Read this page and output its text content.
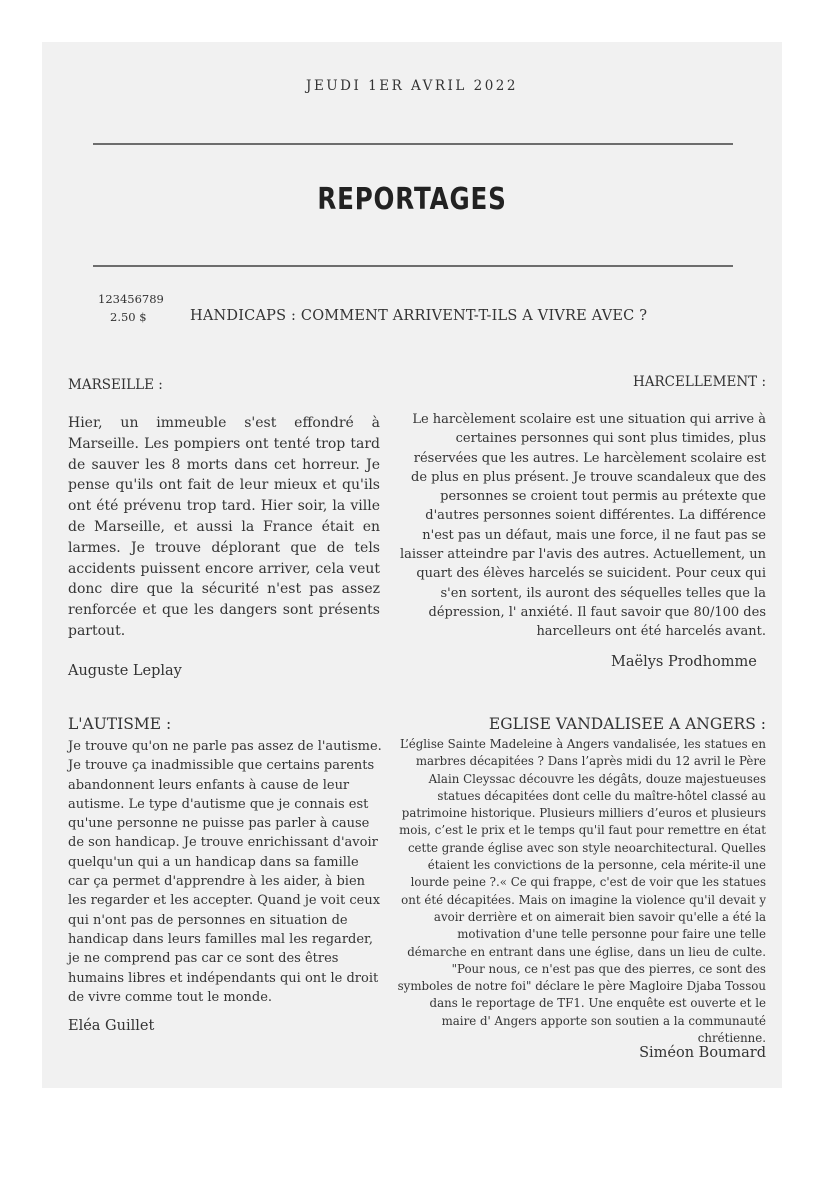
JEUDI 1ER AVRIL 2022
REPORTAGES
123456789
2.50 $	HANDICAPS : COMMENT ARRIVENT-T-ILS A VIVRE AVEC ?
MARSEILLE :

Hier, un immeuble s'est effondré à Marseille. Les pompiers ont tenté trop tard de sauver les 8 morts dans cet horreur. Je pense qu'ils ont fait de leur mieux et qu'ils ont été prévenu trop tard. Hier soir, la ville de Marseille, et aussi la France était en larmes. Je trouve déplorant que de tels accidents puissent encore arriver, cela veut donc dire que la sécurité n'est pas assez renforcée et que les dangers sont présents partout.

Auguste Leplay
HARCELLEMENT :

Le harcèlement scolaire est une situation qui arrive à certaines personnes qui sont plus timides, plus réservées que les autres. Le harcèlement scolaire est de plus en plus présent. Je trouve scandaleux que des personnes se croient tout permis au prétexte que d'autres personnes soient différentes. La différence n'est pas un défaut, mais une force, il ne faut pas se laisser atteindre par l'avis des autres. Actuellement, un quart des élèves harcelés se suicident. Pour ceux qui s'en sortent, ils auront des séquelles telles que la dépression, l' anxiété. Il faut savoir que 80/100 des harcelleurs ont été harcelés avant.

Maëlys Prodhomme
L'AUTISME :

Je trouve qu'on ne parle pas assez de l'autisme. Je trouve ça inadmissible que certains parents abandonnent leurs enfants à cause de leur autisme. Le type d'autisme que je connais est qu'une personne ne puisse pas parler à cause de son handicap. Je trouve enrichissant d'avoir quelqu'un qui a un handicap dans sa famille car ça permet d'apprendre à les aider, à bien les regarder et les accepter. Quand je voit ceux qui n'ont pas de personnes en situation de handicap dans leurs familles mal les regarder, je ne comprend pas car ce sont des êtres humains libres et indépendants qui ont le droit de vivre comme tout le monde.

Eléa Guillet
EGLISE VANDALISEE A ANGERS :

L’église Sainte Madeleine à Angers vandalisée, les statues en marbres décapitées ? Dans l’après midi du 12 avril le Père Alain Cleyssac découvre les dégâts, douze majestueuses statues décapitées dont celle du maître-hôtel classé au patrimoine historique. Plusieurs milliers d’euros et plusieurs mois, c’est le prix et le temps qu'il faut pour remettre en état cette grande église avec son style neoarchitectural. Quelles étaient les convictions de la personne, cela mérite-il une lourde peine ?.« Ce qui frappe, c'est de voir que les statues ont été décapitées. Mais on imagine la violence qu'il devait y avoir derrière et on aimerait bien savoir qu'elle a été la motivation d'une telle personne pour faire une telle démarche en entrant dans une église, dans un lieu de culte. "Pour nous, ce n'est pas que des pierres, ce sont des symboles de notre foi" déclare le père Magloire Djaba Tossou dans le reportage de TF1. Une enquête est ouverte et le maire d' Angers apporte son soutien a la communauté chrétienne.

Siméon Boumard
